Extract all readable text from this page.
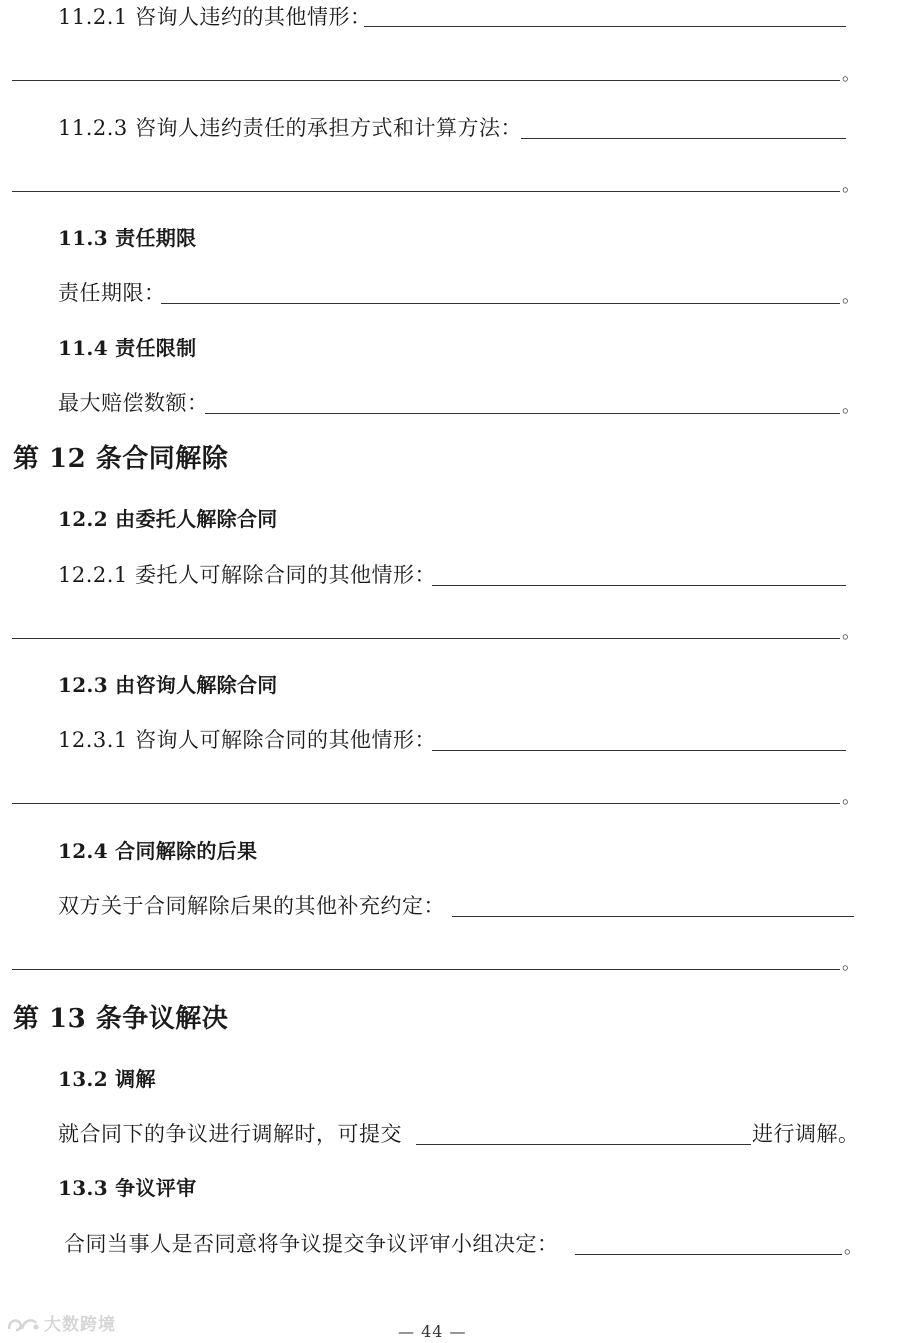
11.2.1 咨询人违约的其他情形：
。
11.2.3 咨询人违约责任的承担方式和计算方法：
。
11.3 责任期限
责任期限：	。
11.4 责任限制
最大赔偿数额：	。
第 12 条合同解除
12.2 由委托人解除合同
12.2.1 委托人可解除合同的其他情形：
。
12.3 由咨询人解除合同
12.3.1 咨询人可解除合同的其他情形：
。
12.4 合同解除的后果
双方关于合同解除后果的其他补充约定：
。
第 13 条争议解决
13.2 调解
就合同下的争议进行调解时，可提交	进行调解。
13.3 争议评审
合同当事人是否同意将争议提交争议评审小组决定：	。
— 44 —
大数跨境
